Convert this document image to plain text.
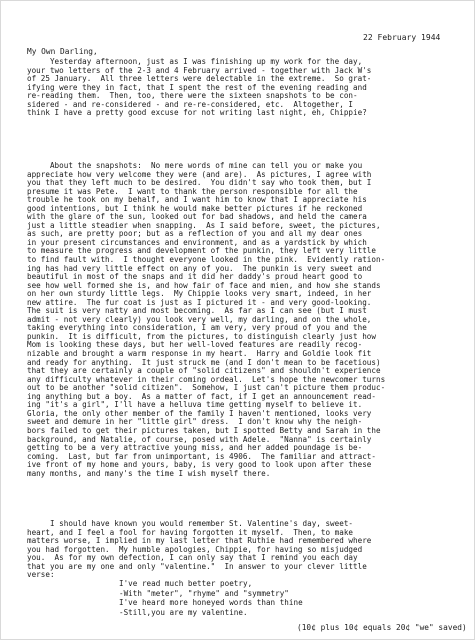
22 February 1944
My Own Darling,
Yesterday afternoon, just as I was finishing up my work for the day,
your two letters of the 2-3 and 4 February arrived - together with Jack W's
of 25 January.  All three letters were delectable in the extreme.  So grat-
ifying were they in fact, that I spent the rest of the evening reading and
re-reading them.  Then, too, there were the sixteen snapshots to be con-
sidered - and re-considered - and re-re-considered, etc.  Altogether, I
think I have a pretty good excuse for not writing last night, eh, Chippie?
About the snapshots:  No mere words of mine can tell you or make you
appreciate how very welcome they were (and are).  As pictures, I agree with
you that they left much to be desired.  You didn't say who took them, but I
presume it was Pete.  I want to thank the person responsible for all the
trouble he took on my behalf, and I want him to know that I appreciate his
good intentions, but I think he would make better pictures if he reckoned
with the glare of the sun, looked out for bad shadows, and held the camera
just a little steadier when snapping.  As I said before, sweet, the pictures,
as such, are pretty poor; but as a reflection of you and all my dear ones
in your present circumstances and environment, and as a yardstick by which
to measure the progress and development of the punkin, they left very little
to find fault with.  I thought everyone looked in the pink.  Evidently ration-
ing has had very little effect on any of you.  The punkin is very sweet and
beautiful in most of the snaps and it did her daddy's proud heart good to
see how well formed she is, and how fair of face and mien, and how she stands
on her own sturdy little legs.  My Chippie looks very smart, indeed, in her
new attire.  The fur coat is just as I pictured it - and very good-looking.
The suit is very natty and most becoming.  As far as I can see (but I must
admit - not very clearly) you look very well, my darling, and on the whole,
taking everything into consideration, I am very, very proud of you and the
punkin.  It is difficult, from the pictures, to distinguish clearly just how
Mom is looking these days, but her well-loved features are readily recog-
nizable and brought a warm response in my heart.  Harry and Goldie look fit
and ready for anything.  It just struck me (and I don't mean to be facetious)
that they are certainly a couple of "solid citizens" and shouldn't experience
any difficulty whatever in their coming ordeal.  Let's hope the newcomer turns
out to be another "solid citizen".  Somehow, I just can't picture them produc-
ing anything but a boy.  As a matter of fact, if I get an announcement read-
ing "it's a girl", I'll have a helluva time getting myself to believe it.
Gloria, the only other member of the family I haven't mentioned, looks very
sweet and demure in her "little girl" dress.  I don't know why the neigh-
bors failed to get their pictures taken, but I spotted Betty and Sarah in the
background, and Natalie, of course, posed with Adele.  "Nanna" is certainly
getting to be a very attractive young miss, and her added poundage is be-
coming.  Last, but far from unimportant, is 4906.  The familiar and attract-
ive front of my home and yours, baby, is very good to look upon after these
many months, and many's the time I wish myself there.
I should have known you would remember St. Valentine's day, sweet-
heart, and I feel a fool for having forgotten it myself.  Then, to make
matters worse, I implied in my last letter that Ruthie had remembered where
you had forgotten.  My humble apologies, Chippie, for having so misjudged
you.  As for my own defection, I can only say that I remind you each day
that you are my one and only "valentine."  In answer to your clever little
verse:
I've read much better poetry,
-With "meter", "rhyme" and "symmetry"
I've heard more honeyed words than thine
-Still,you are my valentine.
(10¢ plus 10¢ equals 20¢ "we" saved)
